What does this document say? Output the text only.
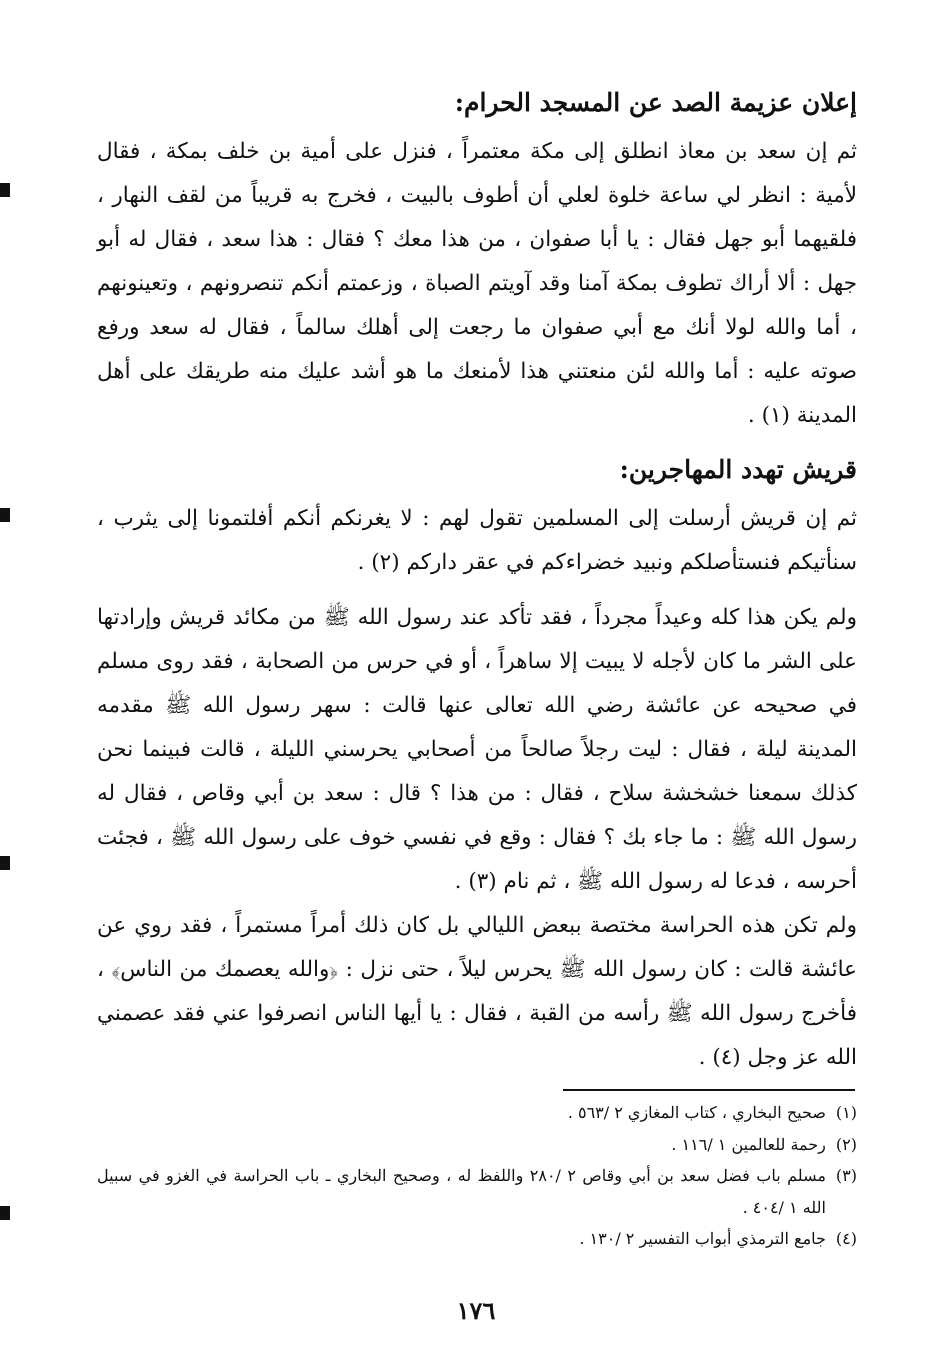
إعلان عزيمة الصد عن المسجد الحرام:
ثم إن سعد بن معاذ انطلق إلى مكة معتمراً ، فنزل على أمية بن خلف بمكة ، فقال لأمية : انظر لي ساعة خلوة لعلي أن أطوف بالبيت ، فخرج به قريباً من لقف النهار ، فلقيهما أبو جهل فقال : يا أبا صفوان ، من هذا معك ؟ فقال : هذا سعد ، فقال له أبو جهل : ألا أراك تطوف بمكة آمنا وقد آويتم الصباة ، وزعمتم أنكم تنصرونهم ، وتعينونهم ، أما والله لولا أنك مع أبي صفوان ما رجعت إلى أهلك سالماً ، فقال له سعد ورفع صوته عليه : أما والله لئن منعتني هذا لأمنعك ما هو أشد عليك منه طريقك على أهل المدينة (١) .
قريش تهدد المهاجرين:
ثم إن قريش أرسلت إلى المسلمين تقول لهم : لا يغرنكم أنكم أفلتمونا إلى يثرب ، سنأتيكم فنستأصلكم ونبيد خضراءكم في عقر داركم (٢) .
ولم يكن هذا كله وعيداً مجرداً ، فقد تأكد عند رسول الله ﷺ من مكائد قريش وإرادتها على الشر ما كان لأجله لا يبيت إلا ساهراً ، أو في حرس من الصحابة ، فقد روى مسلم في صحيحه عن عائشة رضي الله تعالى عنها قالت : سهر رسول الله ﷺ مقدمه المدينة ليلة ، فقال : ليت رجلاً صالحاً من أصحابي يحرسني الليلة ، قالت فبينما نحن كذلك سمعنا خشخشة سلاح ، فقال : من هذا ؟ قال : سعد بن أبي وقاص ، فقال له رسول الله ﷺ : ما جاء بك ؟ فقال : وقع في نفسي خوف على رسول الله ﷺ ، فجئت أحرسه ، فدعا له رسول الله ﷺ ، ثم نام (٣) .
ولم تكن هذه الحراسة مختصة ببعض الليالي بل كان ذلك أمراً مستمراً ، فقد روي عن عائشة قالت : كان رسول الله ﷺ يحرس ليلاً ، حتى نزل : ﴿والله يعصمك من الناس﴾ ، فأخرج رسول الله ﷺ رأسه من القبة ، فقال : يا أيها الناس انصرفوا عني فقد عصمني الله عز وجل (٤) .
(١)
صحيح البخاري ، كتاب المغازي ٢ /٥٦٣ .
(٢)
رحمة للعالمين ١ /١١٦ .
(٣)
مسلم باب فضل سعد بن أبي وقاص ٢ /٢٨٠ واللفظ له ، وصحيح البخاري ـ باب الحراسة في الغزو في سبيل الله ١ /٤٠٤ .
(٤)
جامع الترمذي أبواب التفسير ٢ /١٣٠ .
١٧٦
